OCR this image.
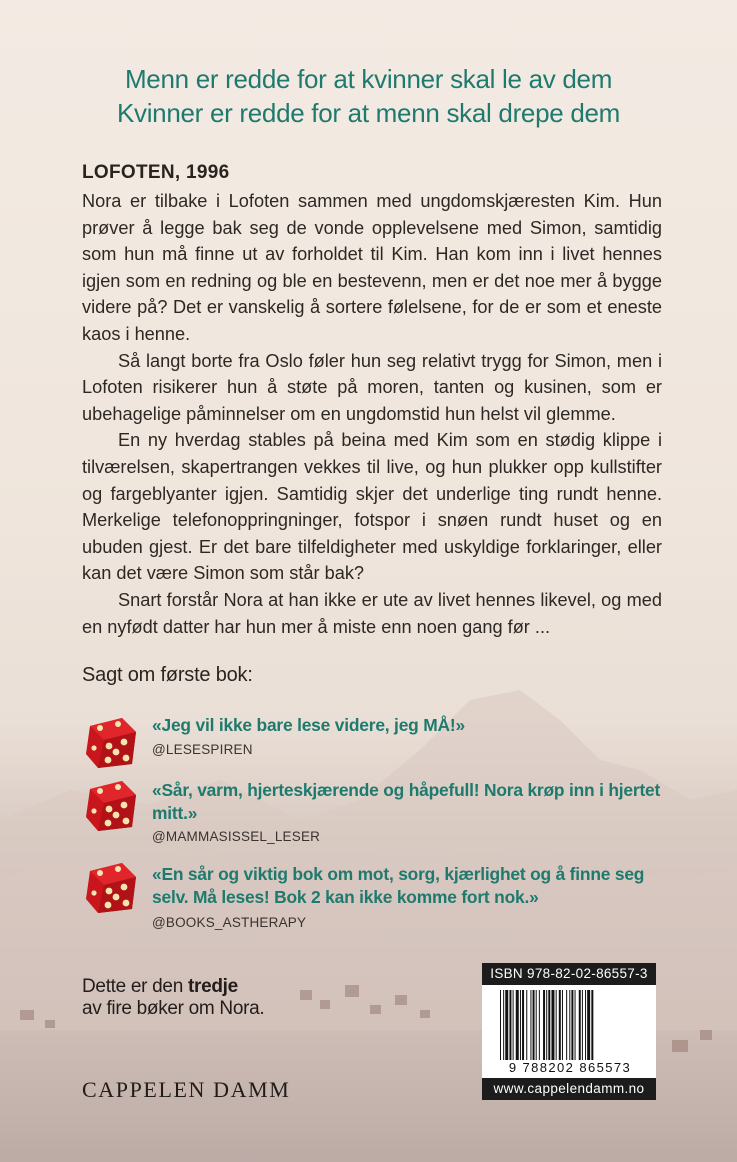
Menn er redde for at kvinner skal le av dem
Kvinner er redde for at menn skal drepe dem
LOFOTEN, 1996

Nora er tilbake i Lofoten sammen med ungdomskjæresten Kim. Hun prøver å legge bak seg de vonde opplevelsene med Simon, samtidig som hun må finne ut av forholdet til Kim. Han kom inn i livet hennes igjen som en redning og ble en bestevenn, men er det noe mer å bygge videre på? Det er vanskelig å sortere følelsene, for de er som et eneste kaos i henne.

Så langt borte fra Oslo føler hun seg relativt trygg for Simon, men i Lofoten risikerer hun å støte på moren, tanten og kusinen, som er ubehagelige påminnelser om en ungdomstid hun helst vil glemme.

En ny hverdag stables på beina med Kim som en stødig klippe i tilværelsen, skapertrangen vekkes til live, og hun plukker opp kullstifter og fargeblyanter igjen. Samtidig skjer det underlige ting rundt henne. Merkelige telefonoppringninger, fotspor i snøen rundt huset og en ubuden gjest. Er det bare tilfeldigheter med uskyldige forklaringer, eller kan det være Simon som står bak?

Snart forstår Nora at han ikke er ute av livet hennes likevel, og med en nyfødt datter har hun mer å miste enn noen gang før ...

Sagt om første bok:
«Jeg vil ikke bare lese videre, jeg MÅ!»
@LESESPIREN
«Sår, varm, hjerteskjærende og håpefull! Nora krøp inn i hjertet mitt.»
@MAMMASISSEL_LESER
«En sår og viktig bok om mot, sorg, kjærlighet og å finne seg selv. Må leses! Bok 2 kan ikke komme fort nok.»
@BOOKS_ASTHERAPY
Dette er den tredje
av fire bøker om Nora.
CAPPELEN DAMM
ISBN 978-82-02-86557-3
9 788202 865573
www.cappelendamm.no
